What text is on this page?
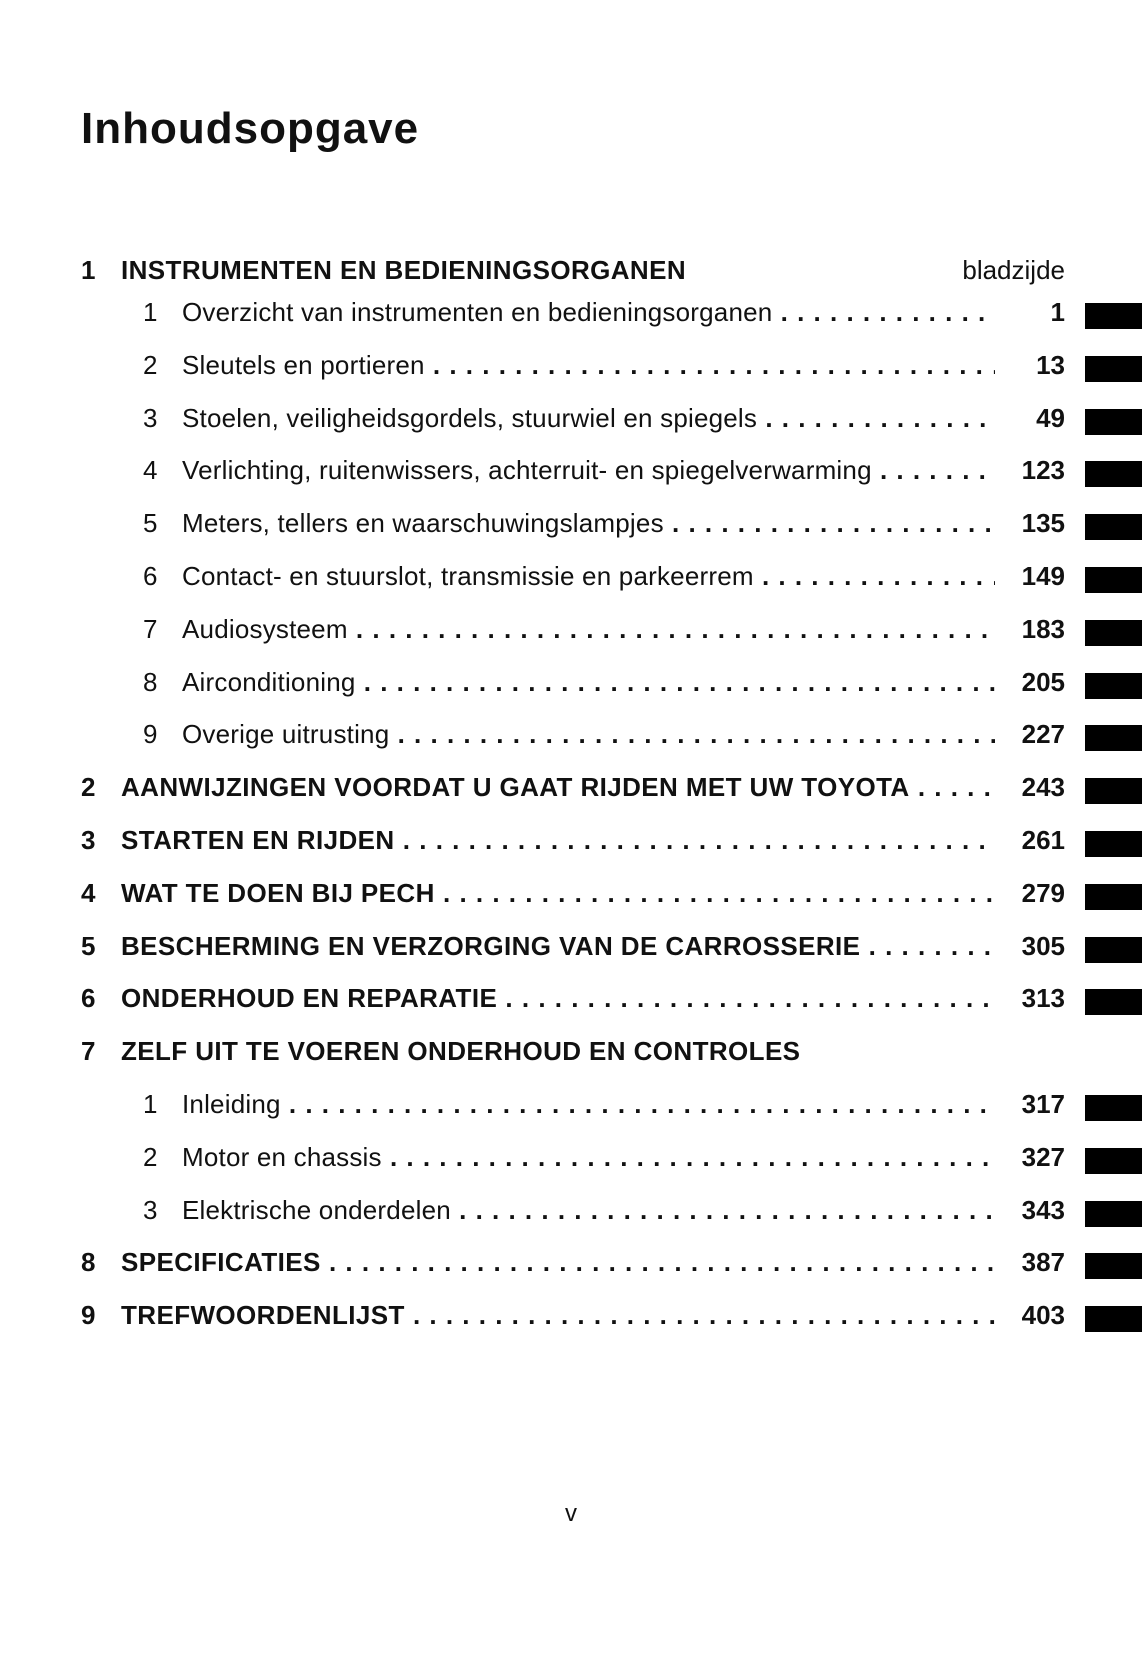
Inhoudsopgave
1 INSTRUMENTEN EN BEDIENINGSORGANEN	bladzijde
1 Overzicht van instrumenten en bedieningsorganen . . .	1
2 Sleutels en portieren . . .	13
3 Stoelen, veiligheidsgordels, stuurwiel en spiegels . . .	49
4 Verlichting, ruitenwissers, achterruit- en spiegelverwarming . . .	123
5 Meters, tellers en waarschuwingslampjes . . .	135
6 Contact- en stuurslot, transmissie en parkeerrem . . .	149
7 Audiosysteem . . .	183
8 Airconditioning . . .	205
9 Overige uitrusting . . .	227
2 AANWIJZINGEN VOORDAT U GAAT RIJDEN MET UW TOYOTA . . .	243
3 STARTEN EN RIJDEN . . .	261
4 WAT TE DOEN BIJ PECH . . .	279
5 BESCHERMING EN VERZORGING VAN DE CARROSSERIE . . .	305
6 ONDERHOUD EN REPARATIE . . .	313
7 ZELF UIT TE VOEREN ONDERHOUD EN CONTROLES
1 Inleiding . . .	317
2 Motor en chassis . . .	327
3 Elektrische onderdelen . . .	343
8 SPECIFICATIES . . .	387
9 TREFWOORDENLIJST . . .	403
v
